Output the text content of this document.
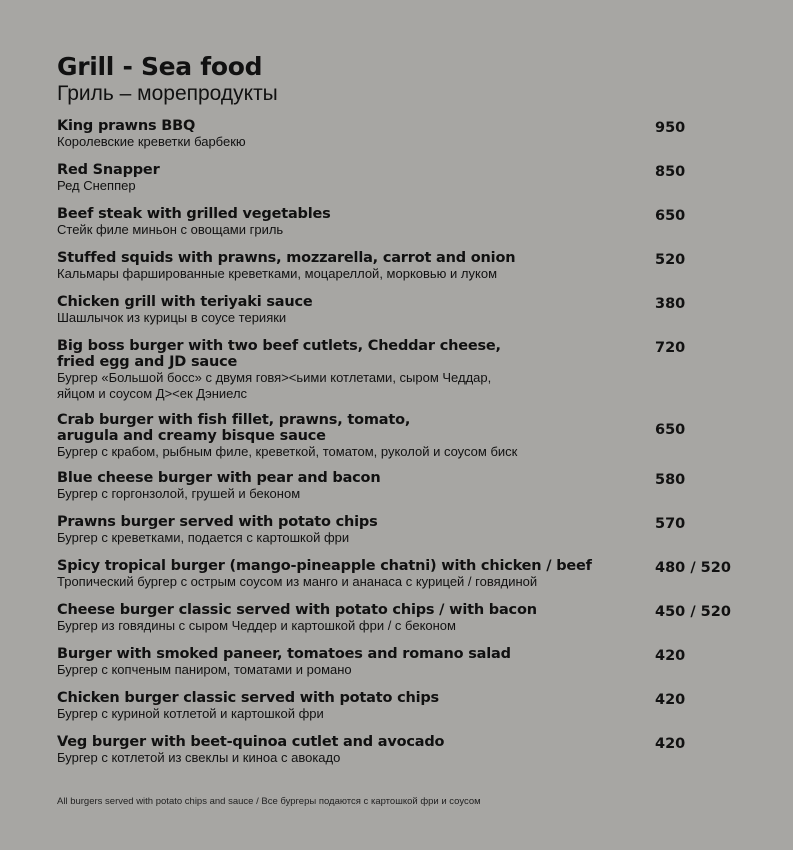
Grill - Sea food
Гриль – морепродукты
King prawns BBQ
Королевские креветки барбекю
950
Red Snapper
Ред Снеппер
850
Beef steak with grilled vegetables
Стейк филе миньон с овощами гриль
650
Stuffed squids with prawns, mozzarella, carrot and onion
Кальмары фаршированные креветками, моцареллой, морковью и луком
520
Chicken grill with teriyaki sauce
Шашлычок из курицы в соусе терияки
380
Big boss burger with two beef cutlets, Cheddar cheese,
fried egg and JD sauce
Бургер «Большой босс» с двумя говя><ьими котлетами, сыром Чеддар,
яйцом и соусом Д><ек Дэниелс
720
Crab burger with fish fillet, prawns, tomato,
arugula and creamy bisque sauce
Бургер с крабом, рыбным филе, креветкой, томатом, руколой и соусом биск
650
Blue cheese burger with pear and bacon
Бургер с горгонзолой, грушей и беконом
580
Prawns burger served with potato chips
Бургер с креветками, подается с картошкой фри
570
Spicy tropical burger (mango-pineapple chatni) with chicken / beef
Тропический бургер с острым соусом из манго и ананаса с курицей / говядиной
480 / 520
Cheese burger classic served with potato chips / with bacon
Бургер из говядины с сыром Чеддер и картошкой фри / с беконом
450 / 520
Burger with smoked paneer, tomatoes and romano salad
Бургер с копченым паниром, томатами и романо
420
Chicken burger classic served with potato chips
Бургер с куриной котлетой и картошкой фри
420
Veg burger with beet-quinoa cutlet and avocado
Бургер с котлетой из свеклы и киноа с авокадо
420
All burgers served with potato chips and sauce / Все бургеры подаются с картошкой фри и соусом
